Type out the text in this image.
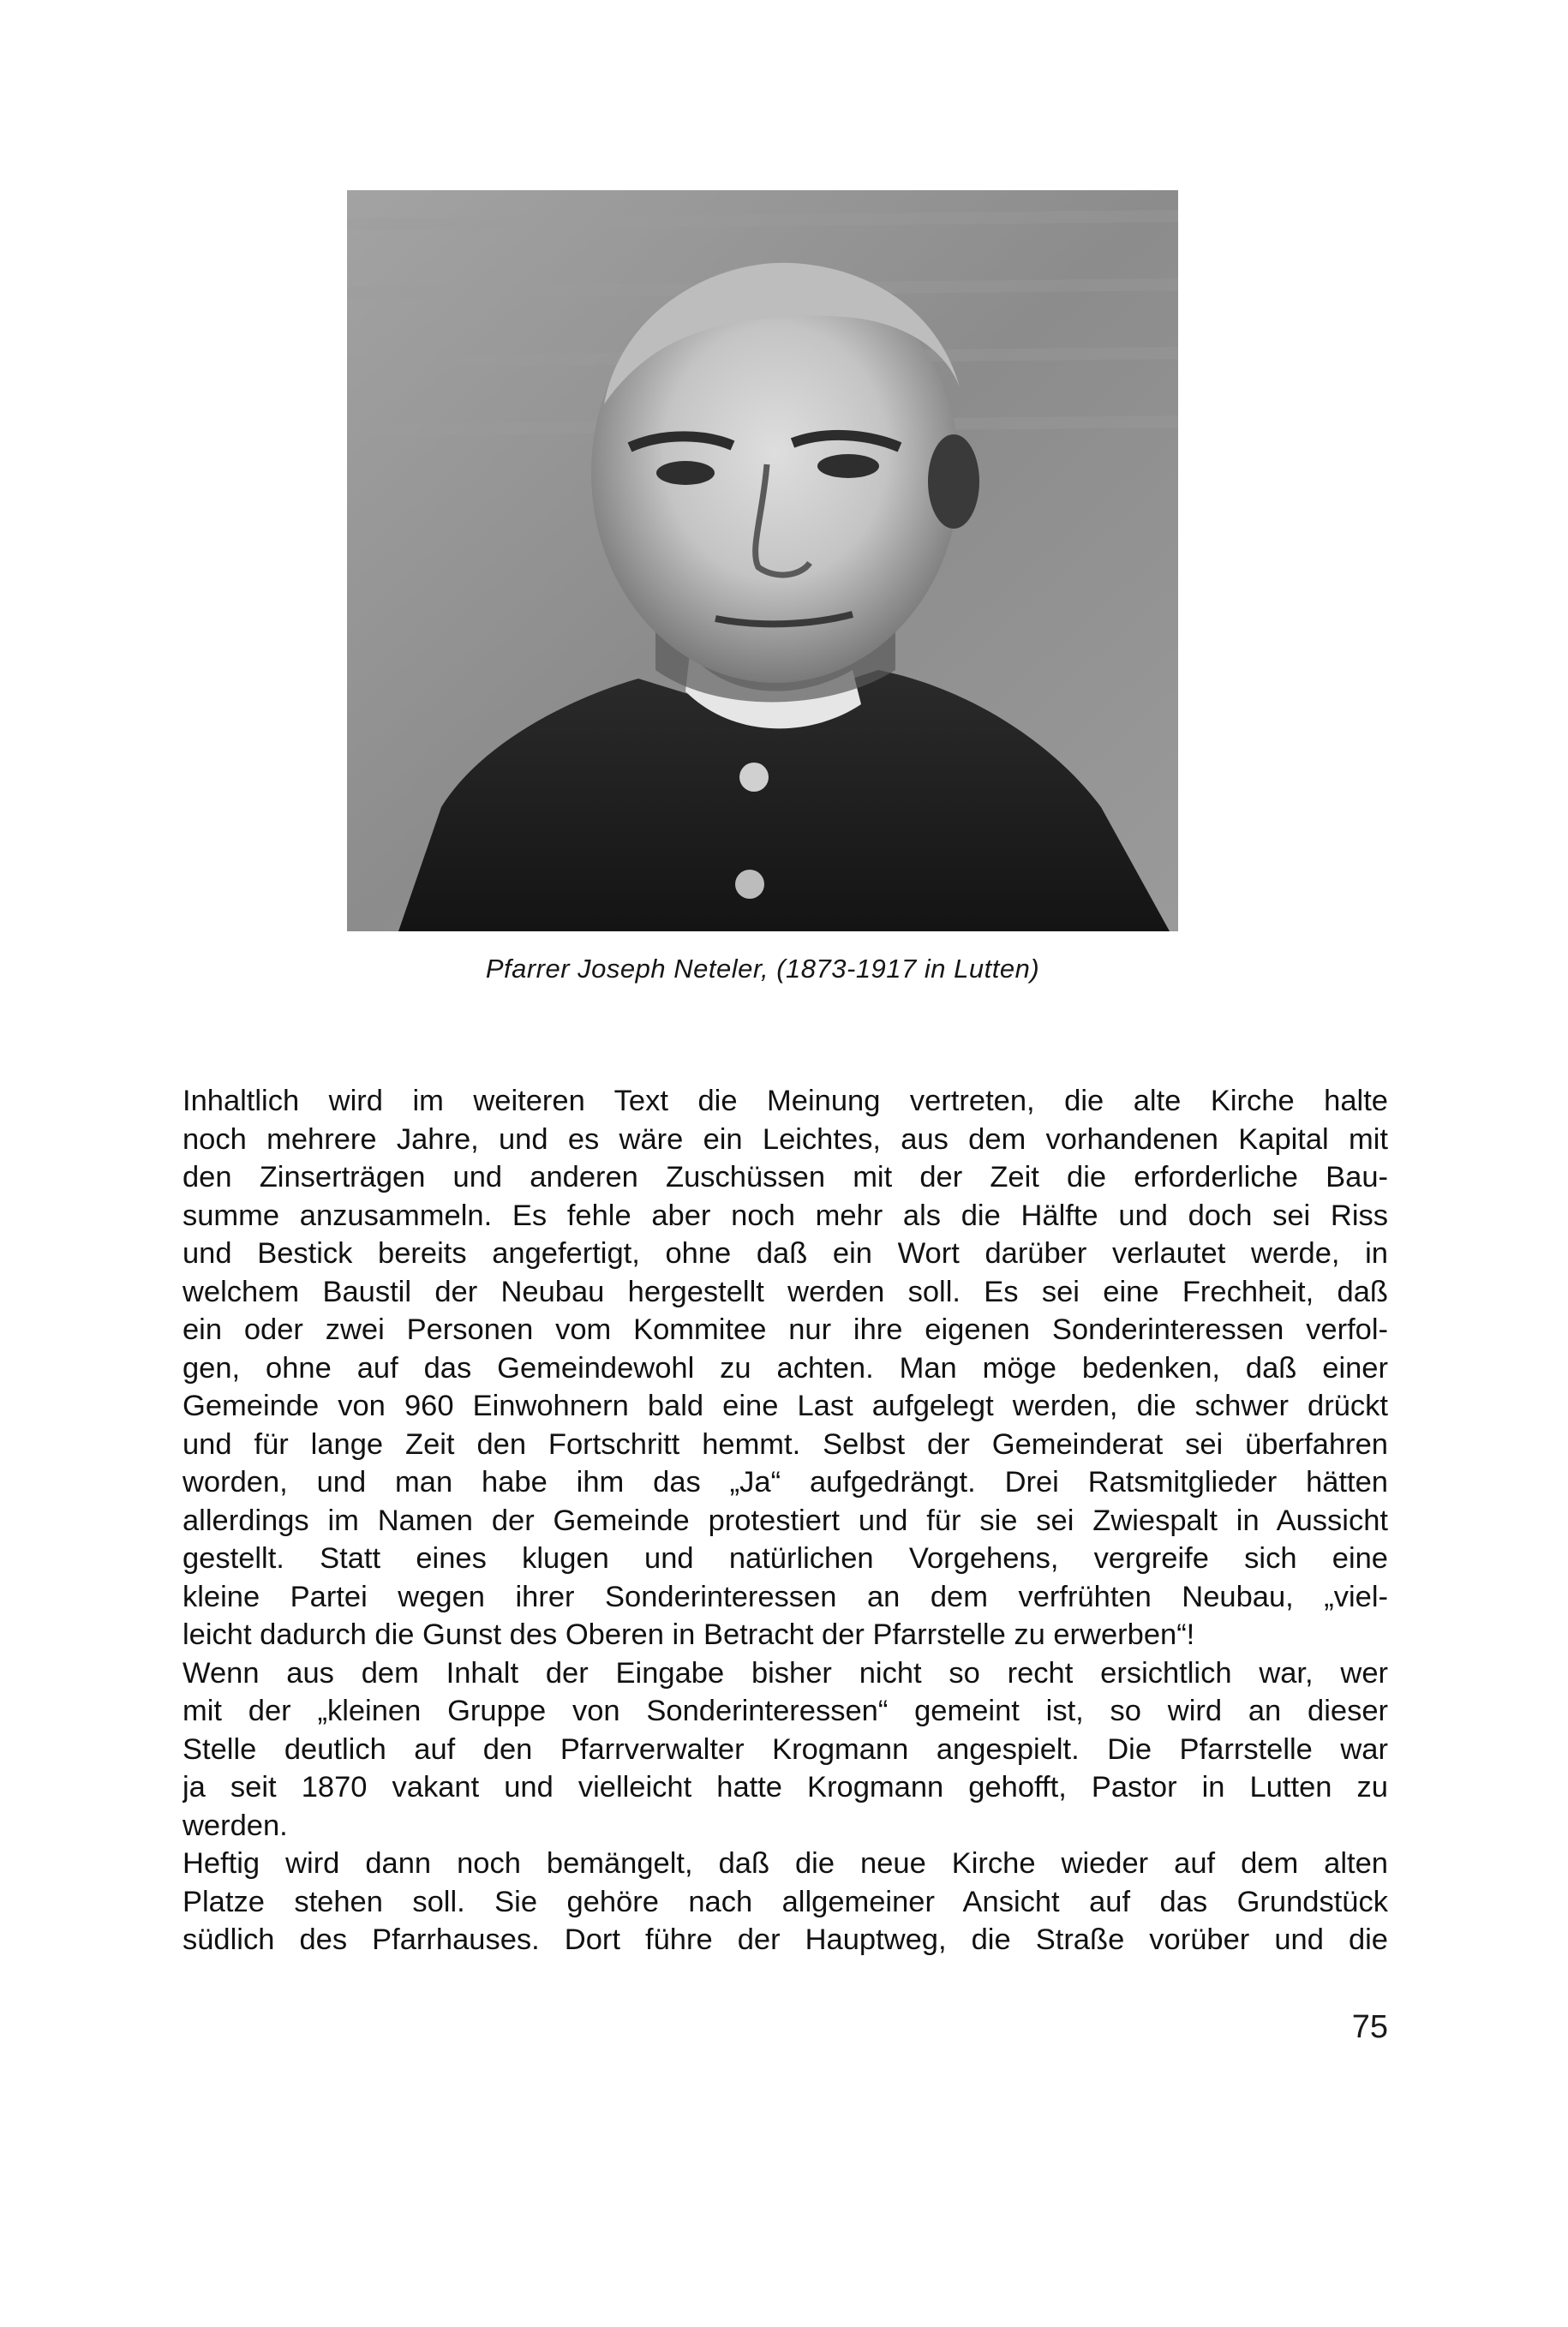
Pfarrer Joseph Neteler, (1873-1917 in Lutten)
Inhaltlich wird im weiteren Text die Meinung vertreten, die alte Kirche halte
noch mehrere Jahre, und es wäre ein Leichtes, aus dem vorhandenen Kapital mit
den Zinserträgen und anderen Zuschüssen mit der Zeit die erforderliche Bau-
summe anzusammeln. Es fehle aber noch mehr als die Hälfte und doch sei Riss
und Bestick bereits angefertigt, ohne daß ein Wort darüber verlautet werde, in
welchem Baustil der Neubau hergestellt werden soll. Es sei eine Frechheit, daß
ein oder zwei Personen vom Kommitee nur ihre eigenen Sonderinteressen verfol-
gen, ohne auf das Gemeindewohl zu achten. Man möge bedenken, daß einer
Gemeinde von 960 Einwohnern bald eine Last aufgelegt werden, die schwer drückt
und für lange Zeit den Fortschritt hemmt. Selbst der Gemeinderat sei überfahren
worden, und man habe ihm das „Ja“ aufgedrängt. Drei Ratsmitglieder hätten
allerdings im Namen der Gemeinde protestiert und für sie sei Zwiespalt in Aussicht
gestellt. Statt eines klugen und natürlichen Vorgehens, vergreife sich eine
kleine Partei wegen ihrer Sonderinteressen an dem verfrühten Neubau, „viel-
leicht dadurch die Gunst des Oberen in Betracht der Pfarrstelle zu erwerben“!
Wenn aus dem Inhalt der Eingabe bisher nicht so recht ersichtlich war, wer
mit der „kleinen Gruppe von Sonderinteressen“ gemeint ist, so wird an dieser
Stelle deutlich auf den Pfarrverwalter Krogmann angespielt. Die Pfarrstelle war
ja seit 1870 vakant und vielleicht hatte Krogmann gehofft, Pastor in Lutten zu
werden.
Heftig wird dann noch bemängelt, daß die neue Kirche wieder auf dem alten
Platze stehen soll. Sie gehöre nach allgemeiner Ansicht auf das Grundstück
südlich des Pfarrhauses. Dort führe der Hauptweg, die Straße vorüber und die
75
